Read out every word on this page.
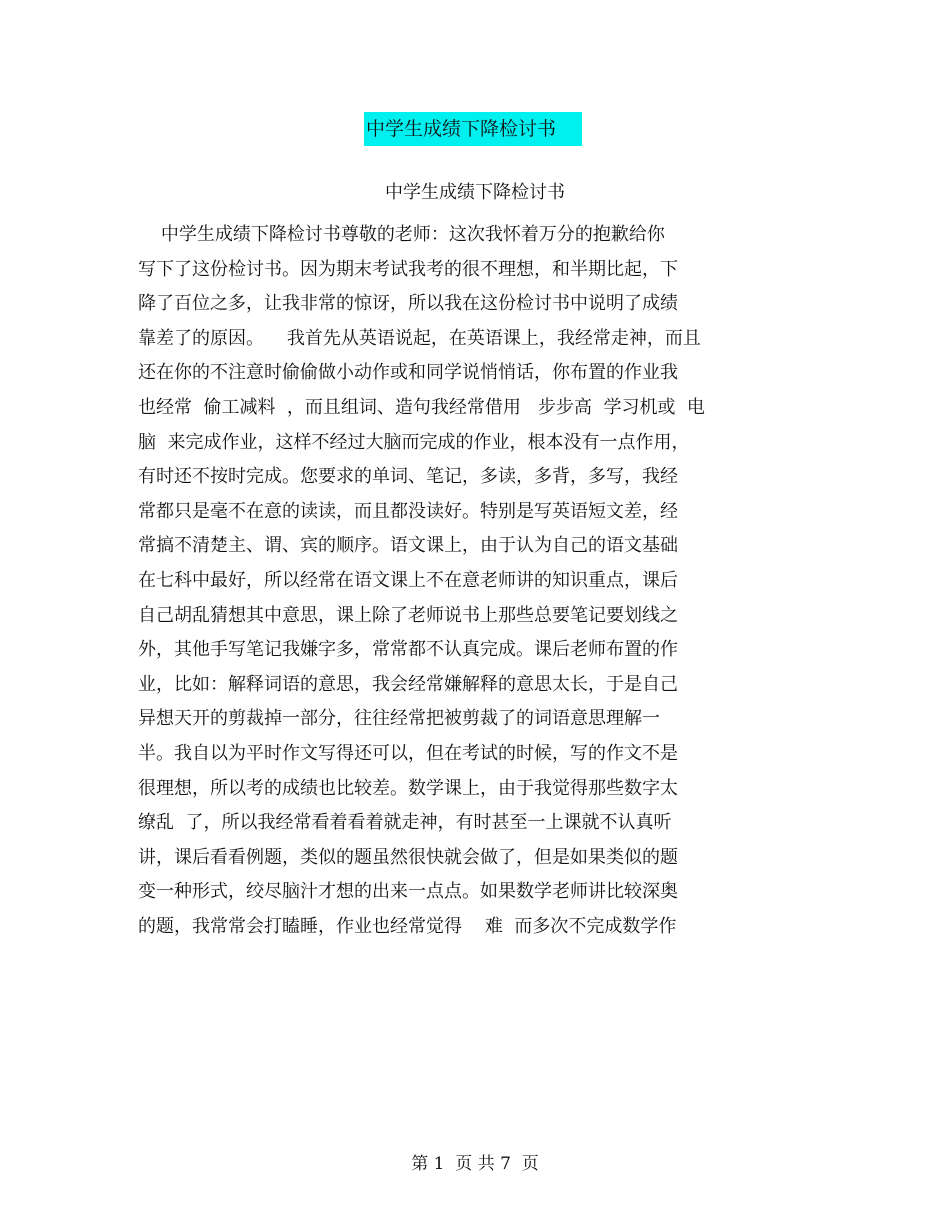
中学生成绩下降检讨书
中学生成绩下降检讨书
中学生成绩下降检讨书尊敬的老师：这次我怀着万分的抱歉给你
写下了这份检讨书。因为期末考试我考的很不理想，和半期比起，下
降了百位之多，让我非常的惊讶，所以我在这份检讨书中说明了成绩
靠差了的原因。    我首先从英语说起，在英语课上，我经常走神，而且
还在你的不注意时偷偷做小动作或和同学说悄悄话，你布置的作业我
也经常  偷工减料  ，而且组词、造句我经常借用   步步高  学习机或  电
脑  来完成作业，这样不经过大脑而完成的作业，根本没有一点作用，
有时还不按时完成。您要求的单词、笔记，多读，多背，多写，我经
常都只是毫不在意的读读，而且都没读好。特别是写英语短文差，经
常搞不清楚主、谓、宾的顺序。语文课上，由于认为自己的语文基础
在七科中最好，所以经常在语文课上不在意老师讲的知识重点，课后
自己胡乱猜想其中意思，课上除了老师说书上那些总要笔记要划线之
外，其他手写笔记我嫌字多，常常都不认真完成。课后老师布置的作
业，比如：解释词语的意思，我会经常嫌解释的意思太长，于是自己
异想天开的剪裁掉一部分，往往经常把被剪裁了的词语意思理解一
半。我自以为平时作文写得还可以，但在考试的时候，写的作文不是
很理想，所以考的成绩也比较差。数学课上，由于我觉得那些数字太
缭乱  了，所以我经常看着看着就走神，有时甚至一上课就不认真听
讲，课后看看例题，类似的题虽然很快就会做了，但是如果类似的题
变一种形式，绞尽脑汁才想的出来一点点。如果数学老师讲比较深奥
的题，我常常会打瞌睡，作业也经常觉得    难  而多次不完成数学作
第 1  页 共 7  页
